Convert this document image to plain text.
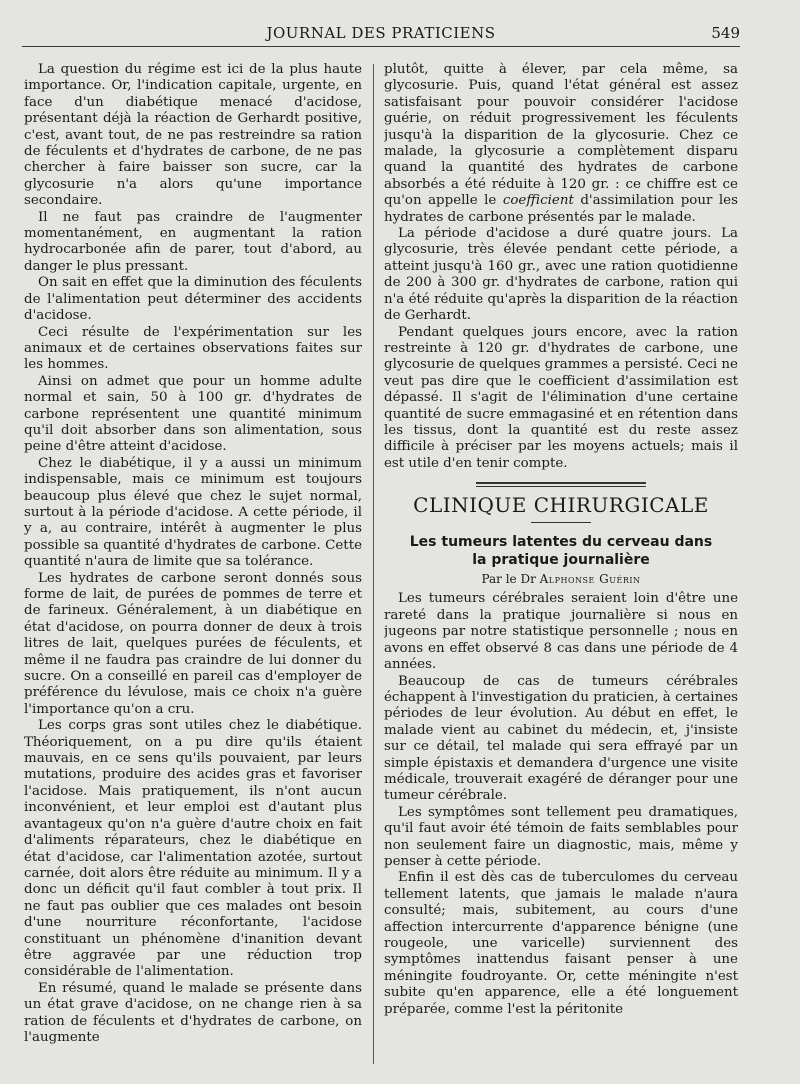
JOURNAL DES PRATICIENS	549

La question du régime est ici de la plus haute importance. Or, l'indication capitale, urgente, en face d'un diabétique menacé d'acidose, présentant déjà la réaction de Gerhardt positive, c'est, avant tout, de ne pas restreindre sa ration de féculents et d'hydrates de carbone, de ne pas chercher à faire baisser son sucre, car la glycosurie n'a alors qu'une importance secondaire.

Il ne faut pas craindre de l'augmenter momentanément, en augmentant la ration hydrocarbonée afin de parer, tout d'abord, au danger le plus pressant.

On sait en effet que la diminution des féculents de l'alimentation peut déterminer des accidents d'acidose.

Ceci résulte de l'expérimentation sur les animaux et de certaines observations faites sur les hommes.

Ainsi on admet que pour un homme adulte normal et sain, 50 à 100 gr. d'hydrates de carbone représentent une quantité minimum qu'il doit absorber dans son alimentation, sous peine d'être atteint d'acidose.

Chez le diabétique, il y a aussi un minimum indispensable, mais ce minimum est toujours beaucoup plus élevé que chez le sujet normal, surtout à la période d'acidose. A cette période, il y a, au contraire, intérêt à augmenter le plus possible sa quantité d'hydrates de carbone. Cette quantité n'aura de limite que sa tolérance.

Les hydrates de carbone seront donnés sous forme de lait, de purées de pommes de terre et de farineux. Généralement, à un diabétique en état d'acidose, on pourra donner de deux à trois litres de lait, quelques purées de féculents, et même il ne faudra pas craindre de lui donner du sucre. On a conseillé en pareil cas d'employer de préférence du lévulose, mais ce choix n'a guère l'importance qu'on a cru.

Les corps gras sont utiles chez le diabétique. Théoriquement, on a pu dire qu'ils étaient mauvais, en ce sens qu'ils pouvaient, par leurs mutations, produire des acides gras et favoriser l'acidose. Mais pratiquement, ils n'ont aucun inconvénient, et leur emploi est d'autant plus avantageux qu'on n'a guère d'autre choix en fait d'aliments réparateurs, chez le diabétique en état d'acidose, car l'alimentation azotée, surtout carnée, doit alors être réduite au minimum. Il y a donc un déficit qu'il faut combler à tout prix. Il ne faut pas oublier que ces malades ont besoin d'une nourriture réconfortante, l'acidose constituant un phénomène d'inanition devant être aggravée par une réduction trop considérable de l'alimentation.

En résumé, quand le malade se présente dans un état grave d'acidose, on ne change rien à sa ration de féculents et d'hydrates de carbone, on l'augmente

plutôt, quitte à élever, par cela même, sa glycosurie. Puis, quand l'état général est assez satisfaisant pour pouvoir considérer l'acidose guérie, on réduit progressivement les féculents jusqu'à la disparition de la glycosurie. Chez ce malade, la glycosurie a complètement disparu quand la quantité des hydrates de carbone absorbés a été réduite à 120 gr. : ce chiffre est ce qu'on appelle le coefficient d'assimilation pour les hydrates de carbone présentés par le malade.

La période d'acidose a duré quatre jours. La glycosurie, très élevée pendant cette période, a atteint jusqu'à 160 gr., avec une ration quotidienne de 200 à 300 gr. d'hydrates de carbone, ration qui n'a été réduite qu'après la disparition de la réaction de Gerhardt.

Pendant quelques jours encore, avec la ration restreinte à 120 gr. d'hydrates de carbone, une glycosurie de quelques grammes a persisté. Ceci ne veut pas dire que le coefficient d'assimilation est dépassé. Il s'agit de l'élimination d'une certaine quantité de sucre emmagasiné et en rétention dans les tissus, dont la quantité est du reste assez difficile à préciser par les moyens actuels; mais il est utile d'en tenir compte.

CLINIQUE CHIRURGICALE
Les tumeurs latentes du cerveau dans
la pratique journalière
Par le Dr Alphonse Guérin

Les tumeurs cérébrales seraient loin d'être une rareté dans la pratique journalière si nous en jugeons par notre statistique personnelle ; nous en avons en effet observé 8 cas dans une période de 4 années.

Beaucoup de cas de tumeurs cérébrales échappent à l'investigation du praticien, à certaines périodes de leur évolution. Au début en effet, le malade vient au cabinet du médecin, et, j'insiste sur ce détail, tel malade qui sera effrayé par un simple épistaxis et demandera d'urgence une visite médicale, trouverait exagéré de déranger pour une tumeur cérébrale.

Les symptômes sont tellement peu dramatiques, qu'il faut avoir été témoin de faits semblables pour non seulement faire un diagnostic, mais, même y penser à cette période.

Enfin il est dès cas de tuberculomes du cerveau tellement latents, que jamais le malade n'aura consulté; mais, subitement, au cours d'une affection intercurrente d'apparence bénigne (une rougeole, une varicelle) surviennent des symptômes inattendus faisant penser à une méningite foudroyante. Or, cette méningite n'est subite qu'en apparence, elle a été longuement préparée, comme l'est la péritonite
